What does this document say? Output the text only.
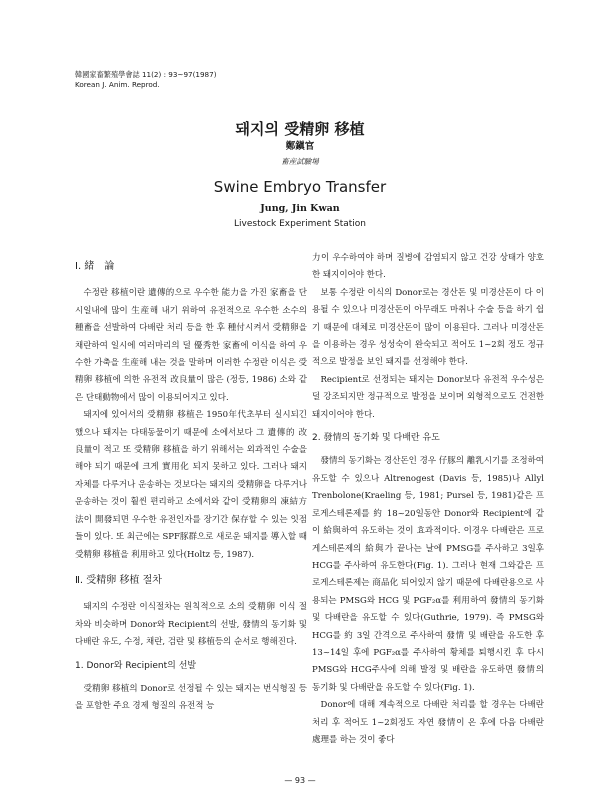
韓國家畜繁殖學會誌 11(2) : 93~97(1987)
Korean J. Anim. Reprod.
돼지의 受精卵 移植
鄭鎭官
畜産試驗場
Swine Embryo Transfer
Jung, Jin Kwan
Livestock Experiment Station
Ⅰ. 緒　論

수정란 移植이란 遺傳的으로 우수한 能力을 가진 家畜을 단시일내에 많이 生産해 내기 위하여 유전적으로 우수한 소수의 種畜을 선발하여 다배란 처리 등을 한 후 種付시켜서 受精卵을 채란하여 일시에 여러마리의 덜 優秀한 家畜에 이식을 하여 우수한 가축을 生産해 내는 것을 말하며 이러한 수정란 이식은 受精卵 移植에 의한 유전적 改良量이 많은 (정등, 1986) 소와 같은 단태動物에서 많이 이용되어지고 있다.

돼지에 있어서의 受精卵 移植은 1950年代초부터 실시되긴 했으나 돼지는 다태동물이기 때문에 소에서보다 그 遺傳的 改良量이 적고 또 受精卵 移植을 하기 위해서는 외과적인 수술을 해야 되기 때문에 크게 實用化 되지 못하고 있다. 그러나 돼지 자체를 다루거나 운송하는 것보다는 돼지의 受精卵을 다루거나 운송하는 것이 훨씬 편리하고 소에서와 같이 受精卵의 凍結方法이 開發되면 우수한 유전인자를 장기간 保存할 수 있는 잇점들이 있다. 또 최근에는 SPF豚群으로 새로운 돼지를 導入할 때 受精卵 移植을 利用하고 있다(Holtz 등, 1987).

Ⅱ. 受精卵 移植 절차

돼지의 수정란 이식절차는 원칙적으로 소의 受精卵 이식 절차와 비슷하며 Donor와 Recipient의 선발, 發情의 동기화 및 다배란 유도, 수정, 채란, 검란 및 移植등의 순서로 행해진다.

1. Donor와 Recipient의 선발

受精卵 移植의 Donor로 선정될 수 있는 돼지는 번식형질 등을 포함한 주요 경제 형질의 유전적 능

力이 우수하여야 하며 질병에 감염되지 않고 건강 상태가 양호한 돼지이어야 한다.

보통 수정란 이식의 Donor로는 경산돈 및 미경산돈이 다 이용될 수 있으나 미경산돈이 아무래도 마취나 수술 등을 하기 쉽기 때문에 대체로 미경산돈이 많이 이용된다. 그러나 미경산돈을 이용하는 경우 성성숙이 완숙되고 적어도 1~2회 정도 정규적으로 발정을 보인 돼지를 선정해야 한다.

Recipient로 선정되는 돼지는 Donor보다 유전적 우수성은 덜 강조되지만 정규적으로 발정을 보이며 외형적으로도 건전한 돼지이어야 한다.

2. 發情의 동기화 및 다배란 유도

發情의 동기화는 경산돈인 경우 仔豚의 離乳시기를 조정하여 유도할 수 있으나 Altrenogest (Davis 등, 1985)나 Allyl Trenbolone(Kraeling 등, 1981; Pursel 등, 1981)같은 프로게스테론제를 約 18~20일동안 Donor와 Recipient에 같이 給與하여 유도하는 것이 효과적이다. 이경우 다배란은 프로게스테론제의 給與가 끝나는 날에 PMSG를 주사하고 3일후 HCG를 주사하여 유도한다(Fig. 1). 그러나 현재 그와같은 프로게스테론제는 商品化 되어있지 않기 때문에 다배란용으로 사용되는 PMSG와 HCG 및 PGF₂α를 利用하여 發情의 동기화 및 다배란을 유도할 수 있다(Guthrie, 1979). 즉 PMSG와 HCG를 約 3일 간격으로 주사하여 發情 및 배란을 유도한 후 13~14일 후에 PGF₂α를 주사하여 황체를 퇴행시킨 후 다시 PMSG와 HCG주사에 의해 발정 및 배란을 유도하면 發情의 동기화 및 다배란을 유도할 수 있다(Fig. 1).

Donor에 대해 계속적으로 다배란 처리를 할 경우는 다배란 처리 후 적어도 1~2회정도 자연 發情이 온 후에 다음 다배란 處理를 하는 것이 좋다

— 93 —
